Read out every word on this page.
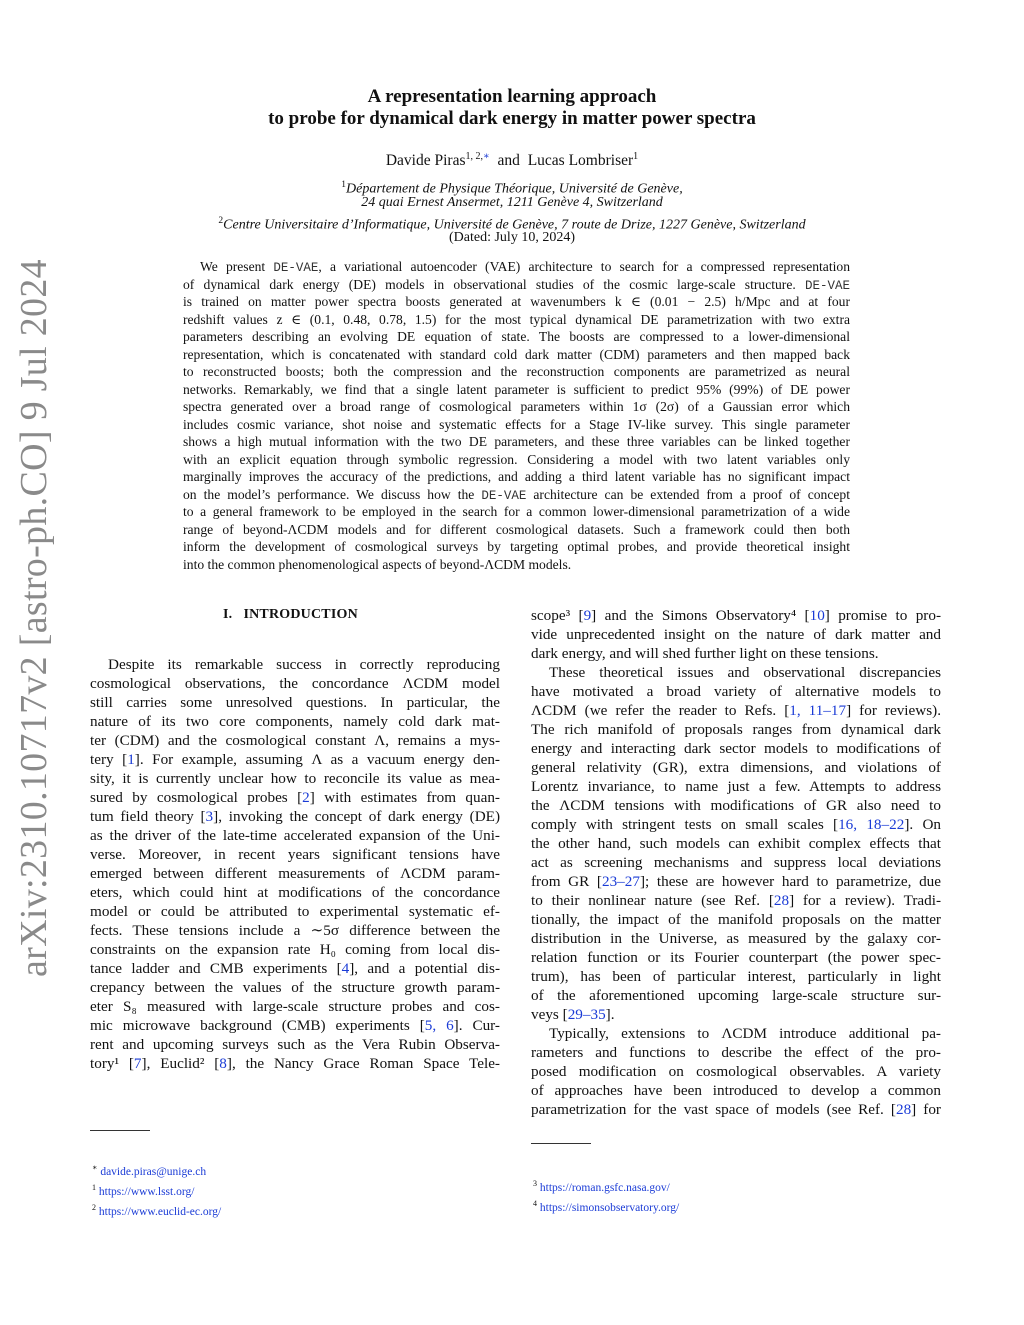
arXiv:2310.10717v2 [astro-ph.CO] 9 Jul 2024
A representation learning approach
to probe for dynamical dark energy in matter power spectra
Davide Piras$^{1, 2,∗}$ and Lucas Lombriser$^1$
$^1$Département de Physique Théorique, Université de Genève,
24 quai Ernest Ansermet, 1211 Genève 4, Switzerland
$^2$Centre Universitaire d’Informatique, Université de Genève, 7 route de Drize, 1227 Genève, Switzerland
(Dated: July 10, 2024)
We present DE-VAE, a variational autoencoder (VAE) architecture to search for a compressed representation
of dynamical dark energy (DE) models in observational studies of the cosmic large-scale structure. DE-VAE
is trained on matter power spectra boosts generated at wavenumbers k ∈ (0.01 − 2.5) h/Mpc and at four
redshift values z ∈ (0.1, 0.48, 0.78, 1.5) for the most typical dynamical DE parametrization with two extra
parameters describing an evolving DE equation of state. The boosts are compressed to a lower-dimensional
representation, which is concatenated with standard cold dark matter (CDM) parameters and then mapped back
to reconstructed boosts; both the compression and the reconstruction components are parametrized as neural
networks. Remarkably, we find that a single latent parameter is sufficient to predict 95% (99%) of DE power
spectra generated over a broad range of cosmological parameters within 1σ (2σ) of a Gaussian error which
includes cosmic variance, shot noise and systematic effects for a Stage IV-like survey. This single parameter
shows a high mutual information with the two DE parameters, and these three variables can be linked together
with an explicit equation through symbolic regression. Considering a model with two latent variables only
marginally improves the accuracy of the predictions, and adding a third latent variable has no significant impact
on the model’s performance. We discuss how the DE-VAE architecture can be extended from a proof of concept
to a general framework to be employed in the search for a common lower-dimensional parametrization of a wide
range of beyond-ΛCDM models and for different cosmological datasets. Such a framework could then both
inform the development of cosmological surveys by targeting optimal probes, and provide theoretical insight
into the common phenomenological aspects of beyond-ΛCDM models.
I. INTRODUCTION
Despite its remarkable success in correctly reproducing
cosmological observations, the concordance ΛCDM model
still carries some unresolved questions. In particular, the
nature of its two core components, namely cold dark mat-
ter (CDM) and the cosmological constant Λ, remains a mys-
tery [1]. For example, assuming Λ as a vacuum energy den-
sity, it is currently unclear how to reconcile its value as mea-
sured by cosmological probes [2] with estimates from quan-
tum field theory [3], invoking the concept of dark energy (DE)
as the driver of the late-time accelerated expansion of the Uni-
verse. Moreover, in recent years significant tensions have
emerged between different measurements of ΛCDM param-
eters, which could hint at modifications of the concordance
model or could be attributed to experimental systematic ef-
fects. These tensions include a ∼5σ difference between the
constraints on the expansion rate H₀ coming from local dis-
tance ladder and CMB experiments [4], and a potential dis-
crepancy between the values of the structure growth param-
eter S₈ measured with large-scale structure probes and cos-
mic microwave background (CMB) experiments [5, 6]. Cur-
rent and upcoming surveys such as the Vera Rubin Observa-
tory¹ [7], Euclid² [8], the Nancy Grace Roman Space Tele-
scope³ [9] and the Simons Observatory⁴ [10] promise to pro-
vide unprecedented insight on the nature of dark matter and
dark energy, and will shed further light on these tensions.
These theoretical issues and observational discrepancies
have motivated a broad variety of alternative models to
ΛCDM (we refer the reader to Refs. [1, 11–17] for reviews).
The rich manifold of proposals ranges from dynamical dark
energy and interacting dark sector models to modifications of
general relativity (GR), extra dimensions, and violations of
Lorentz invariance, to name just a few. Attempts to address
the ΛCDM tensions with modifications of GR also need to
comply with stringent tests on small scales [16, 18–22]. On
the other hand, such models can exhibit complex effects that
act as screening mechanisms and suppress local deviations
from GR [23–27]; these are however hard to parametrize, due
to their nonlinear nature (see Ref. [28] for a review). Tradi-
tionally, the impact of the manifold proposals on the matter
distribution in the Universe, as measured by the galaxy cor-
relation function or its Fourier counterpart (the power spec-
trum), has been of particular interest, particularly in light
of the aforementioned upcoming large-scale structure sur-
veys [29–35].
Typically, extensions to ΛCDM introduce additional pa-
rameters and functions to describe the effect of the pro-
posed modification on cosmological observables. A variety
of approaches have been introduced to develop a common
parametrization for the vast space of models (see Ref. [28] for
∗ davide.piras@unige.ch
$^1$ https://www.lsst.org/
$^2$ https://www.euclid-ec.org/
$^3$ https://roman.gsfc.nasa.gov/
$^4$ https://simonsobservatory.org/
